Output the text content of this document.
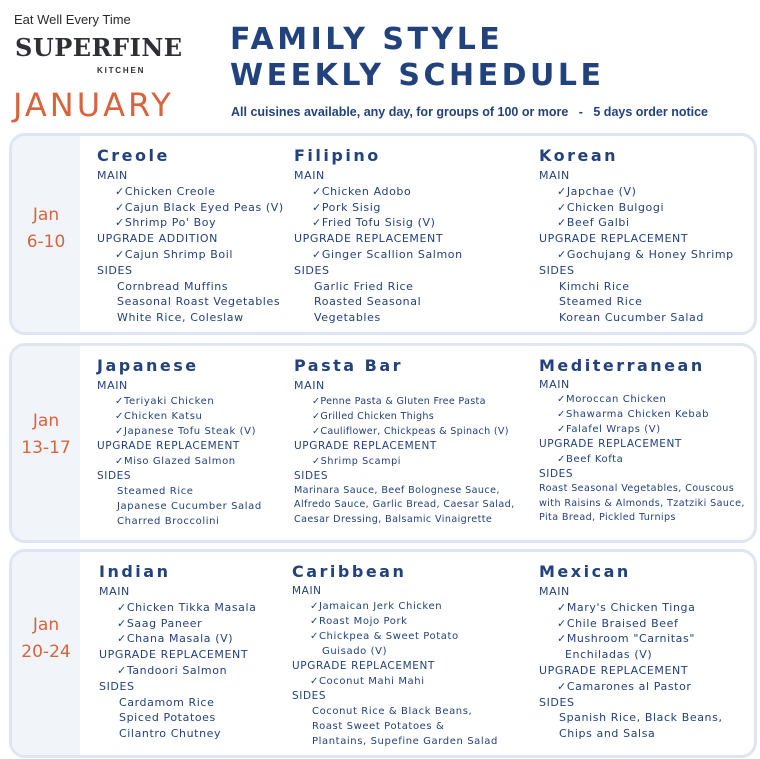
Eat Well Every Time
SUPERFINE
KITCHEN
JANUARY
FAMILY STYLE
WEEKLY SCHEDULE
All cuisines available, any day, for groups of 100 or more   -   5 days order notice
Jan
6-10
Creole
MAIN
✓Chicken Creole
✓Cajun Black Eyed Peas (V)
✓Shrimp Po' Boy
UPGRADE ADDITION
✓Cajun Shrimp Boil
SIDES
Cornbread Muffins
Seasonal Roast Vegetables
White Rice, Coleslaw
Filipino
MAIN
✓Chicken Adobo
✓Pork Sisig
✓Fried Tofu Sisig (V)
UPGRADE REPLACEMENT
✓Ginger Scallion Salmon
SIDES
Garlic Fried Rice
Roasted Seasonal
Vegetables
Korean
MAIN
✓Japchae (V)
✓Chicken Bulgogi
✓Beef Galbi
UPGRADE REPLACEMENT
✓Gochujang & Honey Shrimp
SIDES
Kimchi Rice
Steamed Rice
Korean Cucumber Salad
Jan
13-17
Japanese
MAIN
✓Teriyaki Chicken
✓Chicken Katsu
✓Japanese Tofu Steak (V)
UPGRADE REPLACEMENT
✓Miso Glazed Salmon
SIDES
Steamed Rice
Japanese Cucumber Salad
Charred Broccolini
Pasta Bar
MAIN
✓Penne Pasta & Gluten Free Pasta
✓Grilled Chicken Thighs
✓Cauliflower, Chickpeas & Spinach (V)
UPGRADE REPLACEMENT
✓Shrimp Scampi
SIDES
Marinara Sauce, Beef Bolognese Sauce, Alfredo Sauce, Garlic Bread, Caesar Salad, Caesar Dressing, Balsamic Vinaigrette
Mediterranean
MAIN
✓Moroccan Chicken
✓Shawarma Chicken Kebab
✓Falafel Wraps (V)
UPGRADE REPLACEMENT
✓Beef Kofta
SIDES
Roast Seasonal Vegetables, Couscous with Raisins & Almonds, Tzatziki Sauce, Pita Bread, Pickled Turnips
Jan
20-24
Indian
MAIN
✓Chicken Tikka Masala
✓Saag Paneer
✓Chana Masala (V)
UPGRADE REPLACEMENT
✓Tandoori Salmon
SIDES
Cardamom Rice
Spiced Potatoes
Cilantro Chutney
Caribbean
MAIN
✓Jamaican Jerk Chicken
✓Roast Mojo Pork
✓Chickpea & Sweet Potato
Guisado (V)
UPGRADE REPLACEMENT
✓Coconut Mahi Mahi
SIDES
Coconut Rice & Black Beans,
Roast Sweet Potatoes &
Plantains, Supefine Garden Salad
Mexican
MAIN
✓Mary's Chicken Tinga
✓Chile Braised Beef
✓Mushroom "Carnitas"
Enchiladas (V)
UPGRADE REPLACEMENT
✓Camarones al Pastor
SIDES
Spanish Rice, Black Beans,
Chips and Salsa
